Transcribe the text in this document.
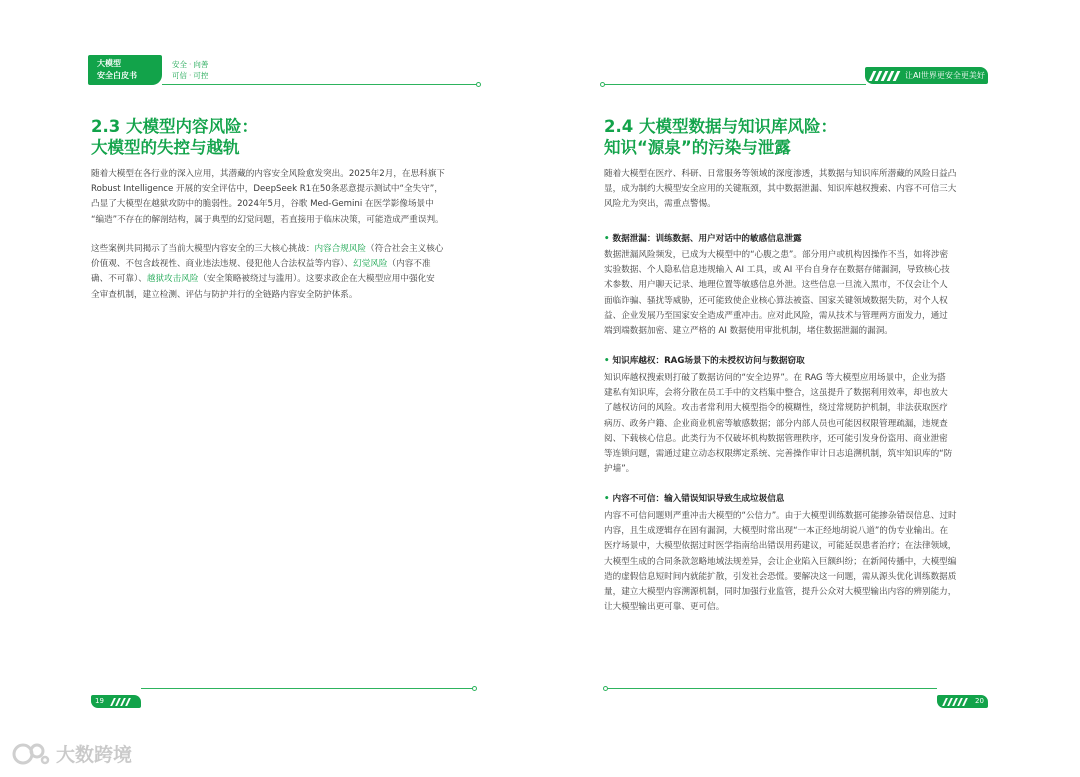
大模型
安全白皮书
安全 · 向善
可信 · 可控
2.3 大模型内容风险：
大模型的失控与越轨
随着大模型在各行业的深入应用，其潜藏的内容安全风险愈发突出。2025年2月，在思科旗下
Robust Intelligence 开展的安全评估中，DeepSeek R1在50条恶意提示测试中“全失守”，
凸显了大模型在越狱攻防中的脆弱性。2024年5月，谷歌 Med-Gemini 在医学影像场景中
“编造”不存在的解剖结构，属于典型的幻觉问题，若直接用于临床决策，可能造成严重误判。
这些案例共同揭示了当前大模型内容安全的三大核心挑战：内容合规风险（符合社会主义核心
价值观、不包含歧视性、商业违法违规、侵犯他人合法权益等内容）、幻觉风险（内容不准
确、不可靠）、越狱攻击风险（安全策略被绕过与滥用）。这要求政企在大模型应用中强化安
全审查机制，建立检测、评估与防护并行的全链路内容安全防护体系。
19
让AI世界更安全更美好
2.4 大模型数据与知识库风险：
知识“源泉”的污染与泄露
随着大模型在医疗、科研、日常服务等领域的深度渗透，其数据与知识库所潜藏的风险日益凸
显，成为制约大模型安全应用的关键瓶颈，其中数据泄漏、知识库越权搜索、内容不可信三大
风险尤为突出，需重点警惕。
• 数据泄漏：训练数据、用户对话中的敏感信息泄露
数据泄漏风险频发，已成为大模型中的“心腹之患”。部分用户或机构因操作不当，如将涉密
实验数据、个人隐私信息违规输入 AI 工具，或 AI 平台自身存在数据存储漏洞，导致核心技
术参数、用户聊天记录、地理位置等敏感信息外泄。这些信息一旦流入黑市，不仅会让个人
面临诈骗、骚扰等威胁，还可能致使企业核心算法被盗、国家关键领域数据失防，对个人权
益、企业发展乃至国家安全造成严重冲击。应对此风险，需从技术与管理两方面发力，通过
端到端数据加密、建立严格的 AI 数据使用审批机制，堵住数据泄漏的漏洞。
• 知识库越权：RAG场景下的未授权访问与数据窃取
知识库越权搜索则打破了数据访问的“安全边界”。在 RAG 等大模型应用场景中，企业为搭
建私有知识库，会将分散在员工手中的文档集中整合，这虽提升了数据利用效率，却也放大
了越权访问的风险。攻击者常利用大模型指令的模糊性，绕过常规防护机制，非法获取医疗
病历、政务户籍、企业商业机密等敏感数据；部分内部人员也可能因权限管理疏漏，违规查
阅、下载核心信息。此类行为不仅破坏机构数据管理秩序，还可能引发身份盗用、商业泄密
等连锁问题，需通过建立动态权限绑定系统、完善操作审计日志追溯机制，筑牢知识库的“防
护墙”。
• 内容不可信：输入错误知识导致生成垃圾信息
内容不可信问题则严重冲击大模型的“公信力”。由于大模型训练数据可能掺杂错误信息、过时
内容，且生成逻辑存在固有漏洞，大模型时常出现“一本正经地胡说八道”的伪专业输出。在
医疗场景中，大模型依据过时医学指南给出错误用药建议，可能延误患者治疗；在法律领域，
大模型生成的合同条款忽略地域法规差异，会让企业陷入巨额纠纷；在新闻传播中，大模型编
造的虚假信息短时间内就能扩散，引发社会恐慌。要解决这一问题，需从源头优化训练数据质
量，建立大模型内容溯源机制，同时加强行业监管，提升公众对大模型输出内容的辨别能力，
让大模型输出更可靠、更可信。
20
大数跨境
